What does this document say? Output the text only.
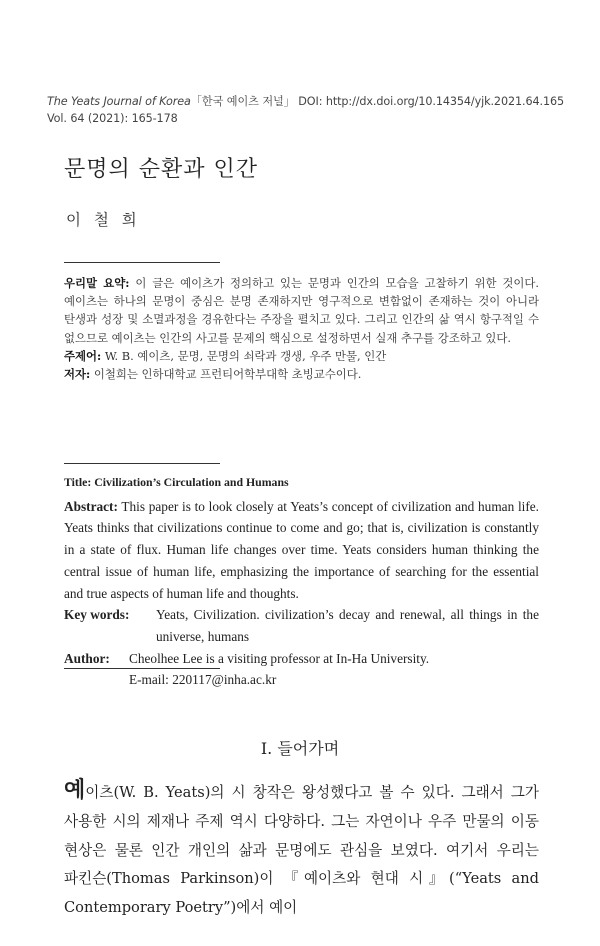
The Yeats Journal of Korea「한국 예이츠 저널」 DOI: http://dx.doi.org/10.14354/yjk.2021.64.165
Vol. 64 (2021): 165-178
문명의 순환과 인간
이 철 희

우리말 요약: 이 글은 예이츠가 정의하고 있는 문명과 인간의 모습을 고찰하기 위한 것이다. 예이츠는 하나의 문명이 중심은 분명 존재하지만 영구적으로 변함없이 존재하는 것이 아니라 탄생과 성장 및 소멸과정을 경유한다는 주장을 펼치고 있다. 그리고 인간의 삶 역시 항구적일 수 없으므로 예이츠는 인간의 사고를 문제의 핵심으로 설정하면서 실재 추구를 강조하고 있다.

주제어: W. B. 예이츠, 문명, 문명의 쇠락과 갱생, 우주 만물, 인간

저자: 이철희는 인하대학교 프런티어학부대학 초빙교수이다.

Title: Civilization’s Circulation and Humans

Abstract: This paper is to look closely at Yeats’s concept of civilization and human life. Yeats thinks that civilizations continue to come and go; that is, civilization is constantly in a state of flux. Human life changes over time. Yeats considers human thinking the central issue of human life, emphasizing the importance of searching for the essential and true aspects of human life and thoughts.

Key words:	Yeats, Civilization. civilization’s decay and renewal, all things in the universe, humans
Author:	Cheolhee Lee is a visiting professor at In-Ha University.
E-mail: 220117@inha.ac.kr
I. 들어가며

예이츠(W. B. Yeats)의 시 창작은 왕성했다고 볼 수 있다. 그래서 그가 사용한 시의 제재나 주제 역시 다양하다. 그는 자연이나 우주 만물의 이동 현상은 물론 인간 개인의 삶과 문명에도 관심을 보였다. 여기서 우리는 파킨슨(Thomas Parkinson)이 『예이츠와 현대 시』(“Yeats and Contemporary Poetry”)에서 예이
